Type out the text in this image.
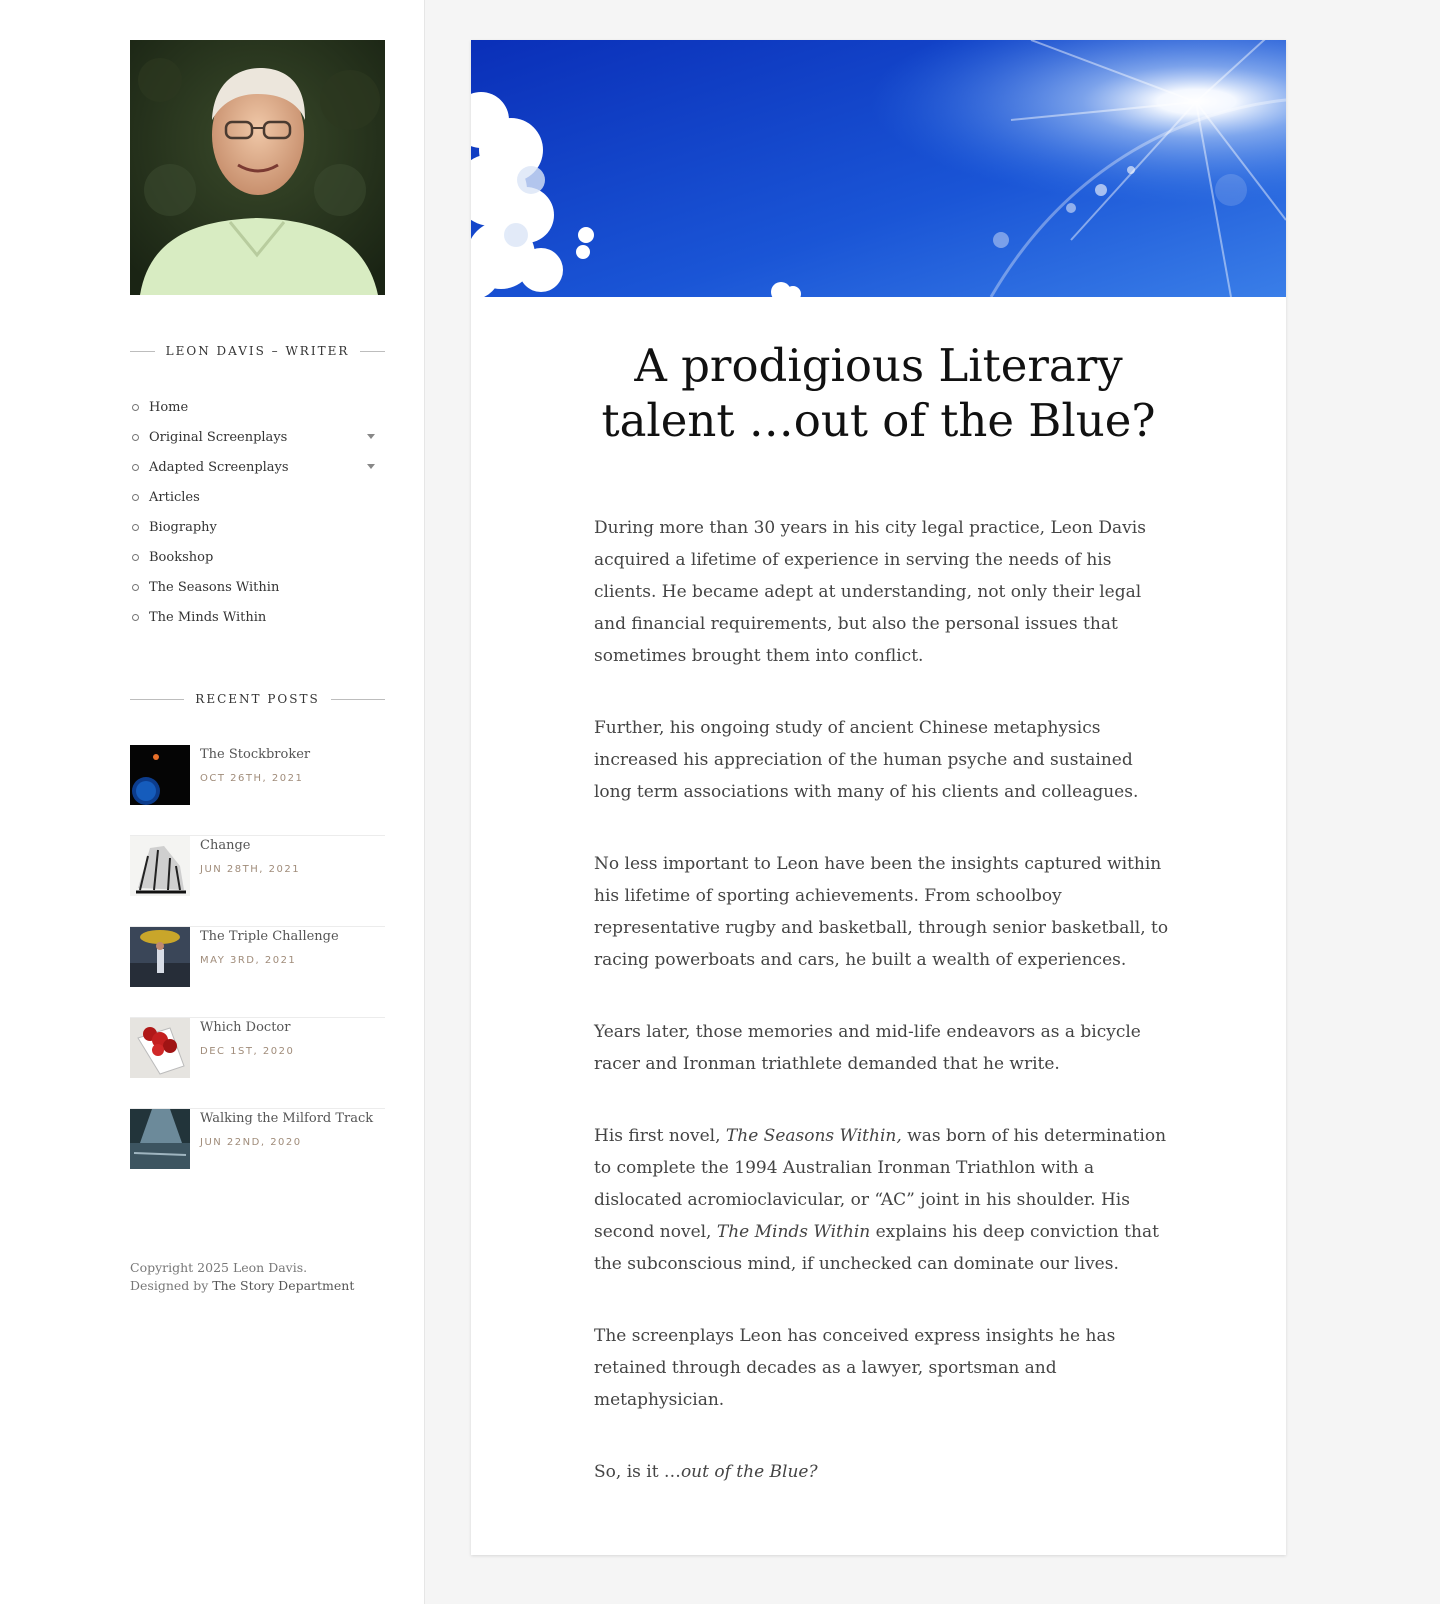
LEON DAVIS – WRITER
Home
Original Screenplays
Adapted Screenplays
Articles
Biography
Bookshop
The Seasons Within
The Minds Within
RECENT POSTS
The Stockbroker
OCT 26TH, 2021
Change
JUN 28TH, 2021
The Triple Challenge
MAY 3RD, 2021
Which Doctor
DEC 1ST, 2020
Walking the Milford Track
JUN 22ND, 2020
Copyright 2025 Leon Davis.
Designed by The Story Department
A prodigious Literary
talent …out of the Blue?

During more than 30 years in his city legal practice, Leon Davis acquired a lifetime of experience in serving the needs of his clients. He became adept at understanding, not only their legal and financial requirements, but also the personal issues that sometimes brought them into conflict.

Further, his ongoing study of ancient Chinese metaphysics increased his appreciation of the human psyche and sustained long term associations with many of his clients and colleagues.

No less important to Leon have been the insights captured within his lifetime of sporting achievements. From schoolboy representative rugby and basketball, through senior basketball, to racing powerboats and cars, he built a wealth of experiences.

Years later, those memories and mid-life endeavors as a bicycle racer and Ironman triathlete demanded that he write.

His first novel, The Seasons Within, was born of his determination to complete the 1994 Australian Ironman Triathlon with a dislocated acromioclavicular, or “AC” joint in his shoulder. His second novel, The Minds Within explains his deep conviction that the subconscious mind, if unchecked can dominate our lives.

The screenplays Leon has conceived express insights he has retained through decades as a lawyer, sportsman and metaphysician.

So, is it …out of the Blue?
